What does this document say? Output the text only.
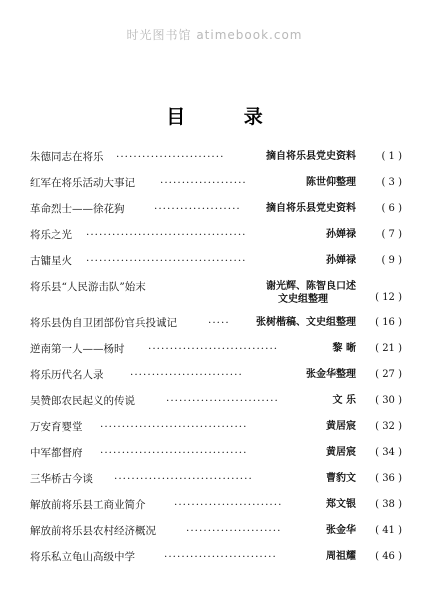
时光图书馆 atimebook.com
目 录
朱德同志在将乐 ·························	摘自将乐县党史资料	( 1 )
红军在将乐活动大事记 ····················	陈世仰整理	( 3 )
革命烈士——徐花狗	····················	摘自将乐县党史资料	( 6 )
将乐之光 ·····································	孙婵禄	( 7 )
古镛星火 ·····································	孙婵禄	( 9 )
将乐县“人民游击队”始末	谢光辉、陈智良口述
文史组整理	( 12 )
将乐县伪自卫团部份官兵投诚记	·····	张树楷稿、文史组整理 ( 16 )
逆南第一人——杨时 ······························	黎 晰 ( 21 )
将乐历代名人录	··························	张金华整理 ( 27 )
吴赞郎农民起义的传说	··························	文 乐 ( 30 )
万安育婴堂 ··································	黄居宸 ( 32 )
中军都督府 ··································	黄居宸 ( 34 )
三华桥古今谈 ································	曹豹文 ( 36 )
解放前将乐县工商业简介	·························	郑文银 ( 38 )
解放前将乐县农村经济概况	······················	张金华 ( 41 )
将乐私立龟山高级中学	··························	周祖耀 ( 46 )
